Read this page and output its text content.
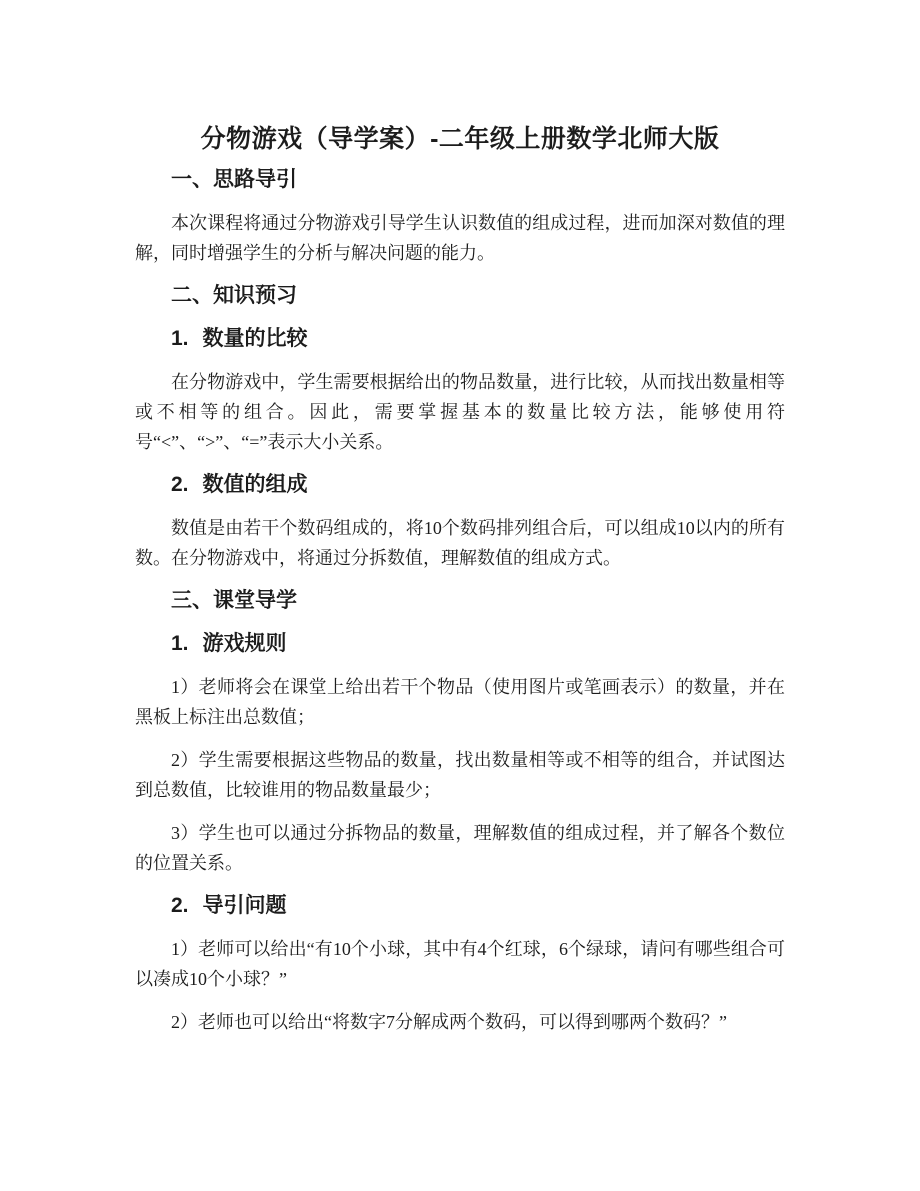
分物游戏（导学案）-二年级上册数学北师大版
一、思路导引

本次课程将通过分物游戏引导学生认识数值的组成过程，进而加深对数值的理解，同时增强学生的分析与解决问题的能力。

二、知识预习
1. 数量的比较

在分物游戏中，学生需要根据给出的物品数量，进行比较，从而找出数量相等或不相等的组合。因此，需要掌握基本的数量比较方法，能够使用符号“<”、“>”、“=”表示大小关系。

2. 数值的组成

数值是由若干个数码组成的，将10个数码排列组合后，可以组成10以内的所有数。在分物游戏中，将通过分拆数值，理解数值的组成方式。

三、课堂导学
1. 游戏规则

1）老师将会在课堂上给出若干个物品（使用图片或笔画表示）的数量，并在黑板上标注出总数值；

2）学生需要根据这些物品的数量，找出数量相等或不相等的组合，并试图达到总数值，比较谁用的物品数量最少；

3）学生也可以通过分拆物品的数量，理解数值的组成过程，并了解各个数位的位置关系。

2. 导引问题

1）老师可以给出“有10个小球，其中有4个红球，6个绿球，请问有哪些组合可以凑成10个小球？”

2）老师也可以给出“将数字7分解成两个数码，可以得到哪两个数码？”
